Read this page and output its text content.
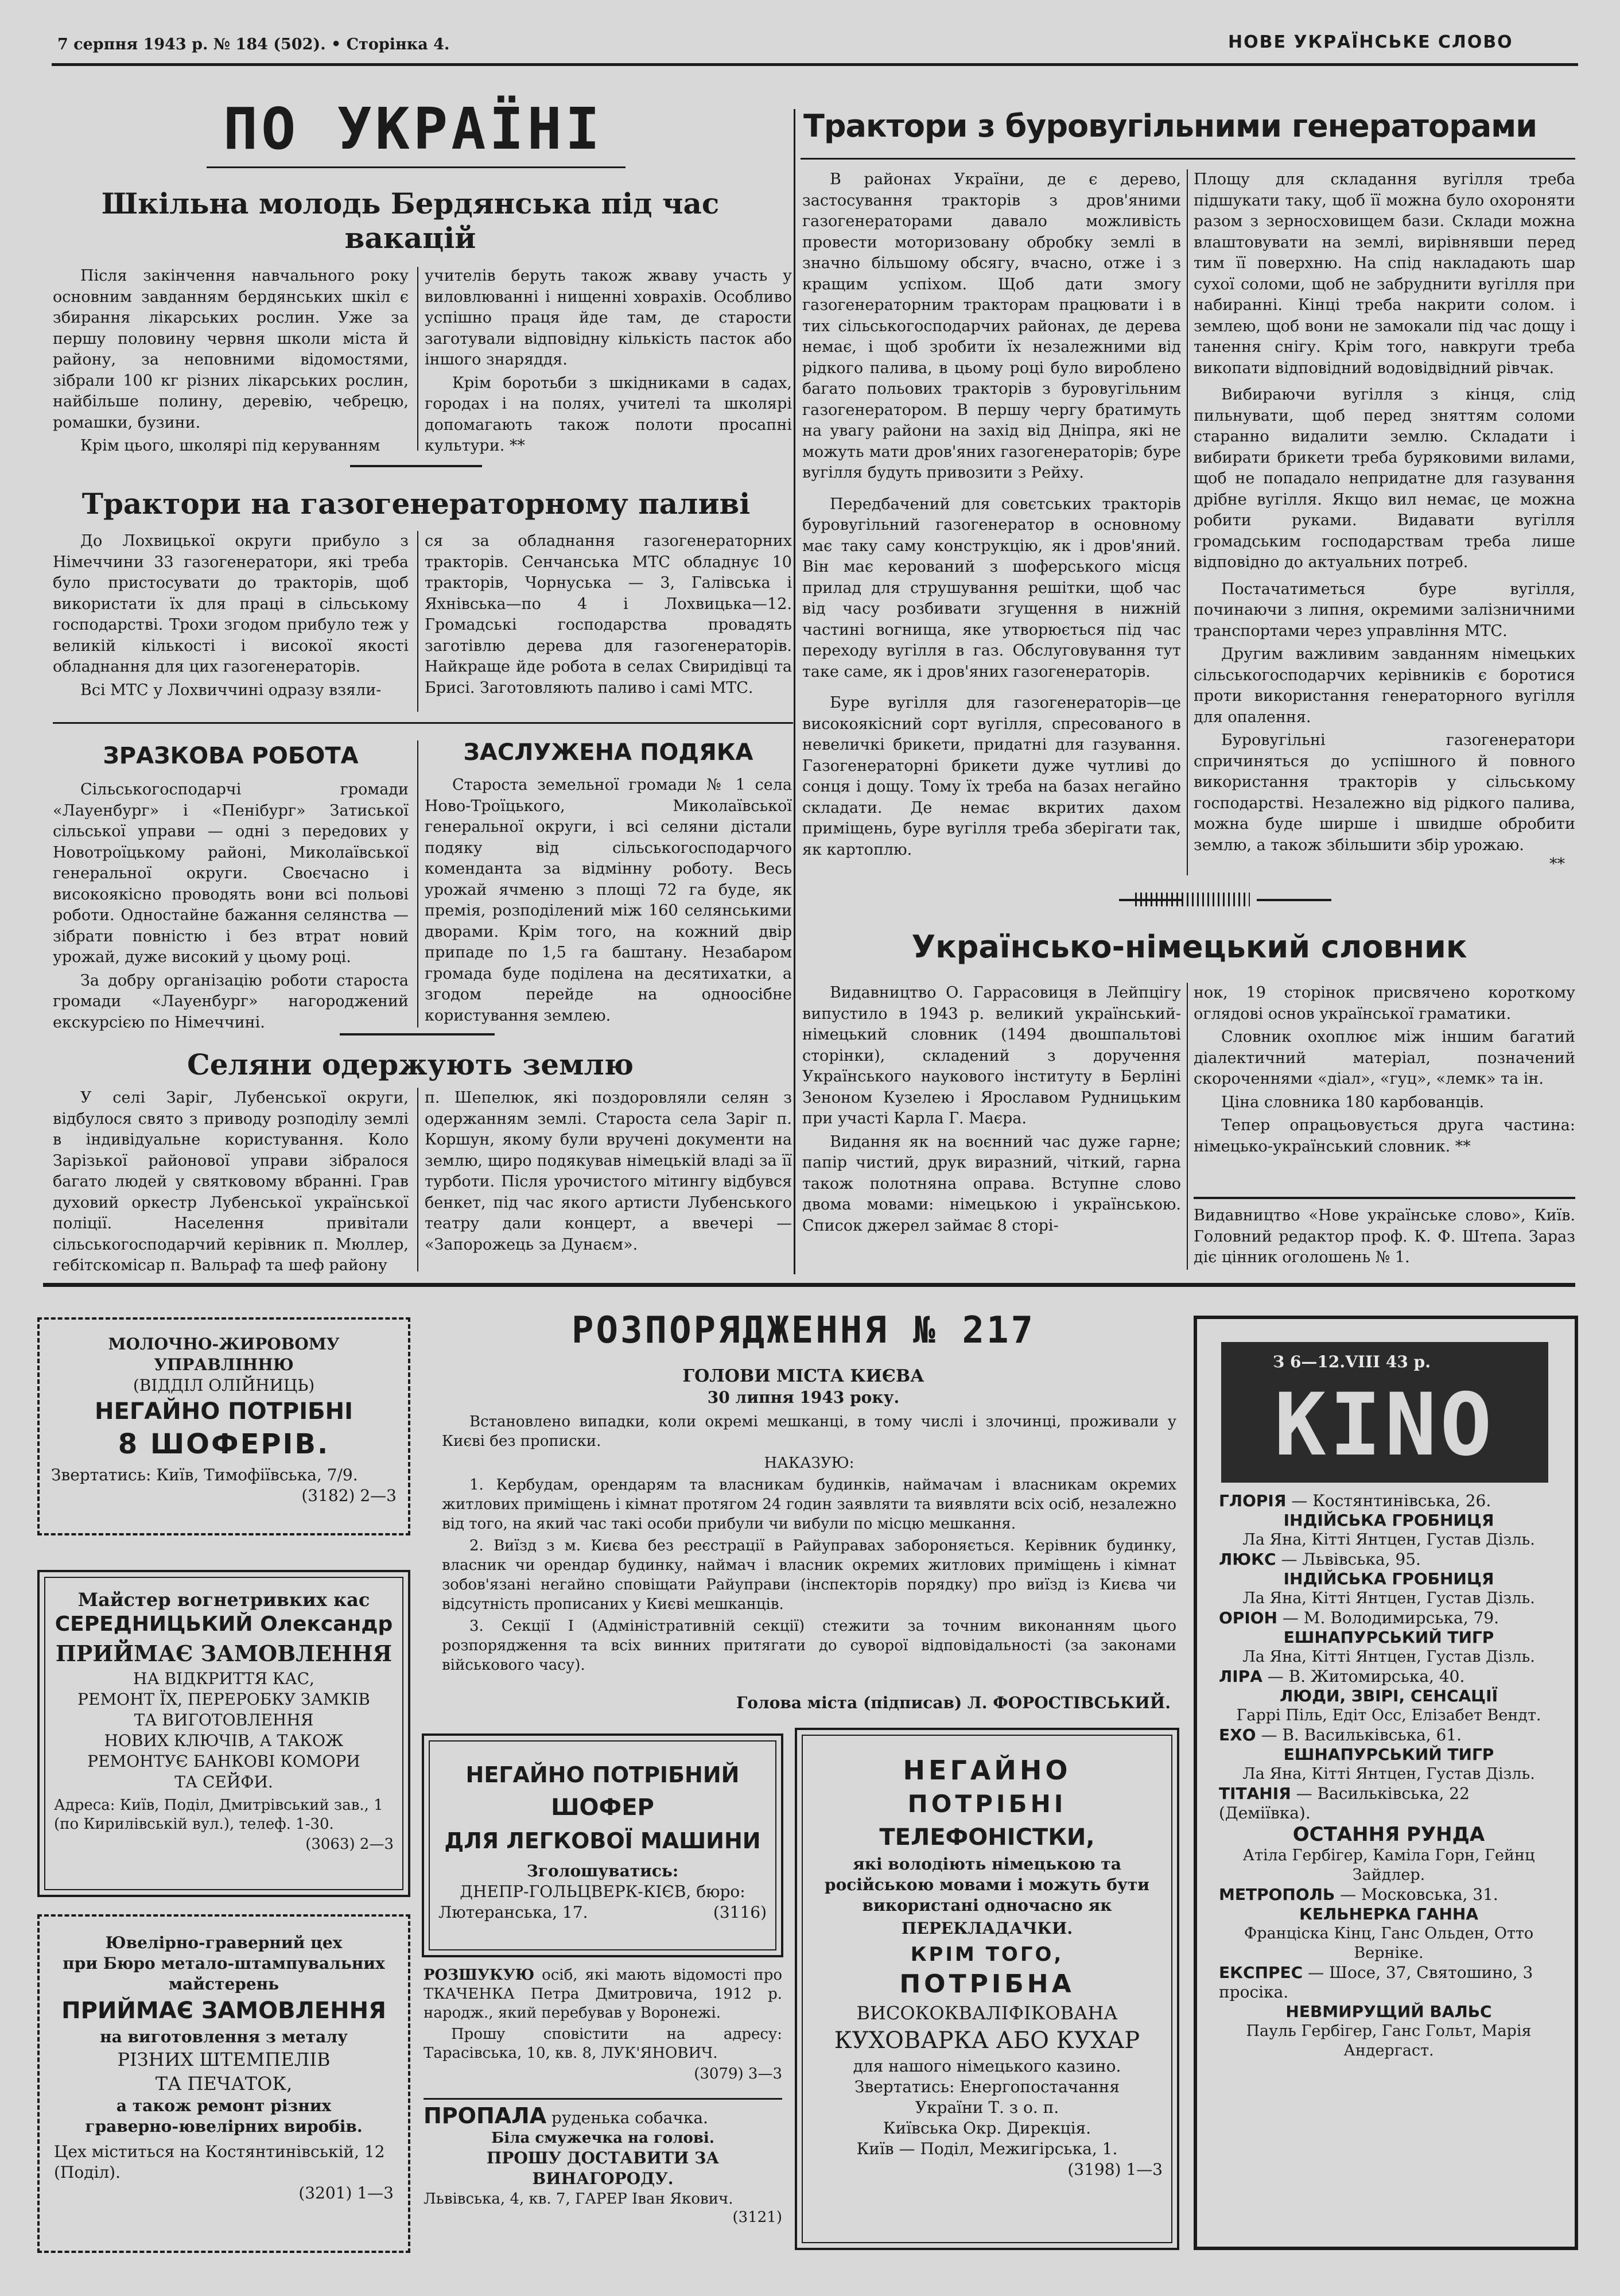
7 серпня 1943 р. № 184 (502). • Сторінка 4.	НОВЕ УКРАЇНСЬКЕ СЛОВО
ПО УКРАЇНІ
Шкільна молодь Бердянська під час вакацій

Після закінчення навчального року основним завданням бердянських шкіл є збирання лікарських рослин. Уже за першу половину червня школи міста й району, за неповними відомостями, зібрали 100 кг різних лікарських рослин, найбільше полину, деревію, чебрецю, ромашки, бузини.

Крім цього, школярі під керуванням

учителів беруть також жваву участь у виловлюванні і нищенні ховрахів. Особливо успішно праця йде там, де старости заготували відповідну кількість пасток або іншого знаряддя.

Крім боротьби з шкідниками в садах, городах і на полях, учителі та школярі допомагають також полоти просапні культури. **

Трактори на газогенераторному паливі

До Лохвицької округи прибуло з Німеччини 33 газогенератори, які треба було пристосувати до тракторів, щоб використати їх для праці в сільському господарстві. Трохи згодом прибуло теж у великій кількості і високої якості обладнання для цих газогенераторів.

Всі МТС у Лохвиччині одразу взяли-

ся за обладнання газогенераторних тракторів. Сенчанська МТС обладнує 10 тракторів, Чорнуська — 3, Галівська і Яхнівська—по 4 і Лохвицька—12. Громадські господарства провадять заготівлю дерева для газогенераторів. Найкраще йде робота в селах Свиридівці та Брисі. Заготовляють паливо і самі МТС.

ЗРАЗКОВА РОБОТА

Сільськогосподарчі громади «Лауенбург» і «Пенібург» Затиської сільської управи — одні з передових у Новотроїцькому районі, Миколаївської генеральної округи. Своєчасно і високоякісно проводять вони всі польові роботи. Одностайне бажання селянства — зібрати повністю і без втрат новий урожай, дуже високий у цьому році.

За добру організацію роботи староста громади «Лауенбург» нагороджений екскурсією по Німеччині.

ЗАСЛУЖЕНА ПОДЯКА

Староста земельної громади № 1 села Ново-Троїцького, Миколаївської генеральної округи, і всі селяни дістали подяку від сільськогосподарчого коменданта за відмінну роботу. Весь урожай ячменю з площі 72 га буде, як премія, розподілений між 160 селянськими дворами. Крім того, на кожний двір припаде по 1,5 га баштану. Незабаром громада буде поділена на десятихатки, а згодом перейде на одноосібне користування землею.

Селяни одержують землю

У селі Заріг, Лубенської округи, відбулося свято з приводу розподілу землі в індивідуальне користування. Коло Зарізької районової управи зібралося багато людей у святковому вбранні. Грав духовий оркестр Лубенської української поліції. Населення привітали сільськогосподарчий керівник п. Мюллер, гебітскомісар п. Вальраф та шеф району

п. Шепелюк, які поздоровляли селян з одержанням землі. Староста села Заріг п. Коршун, якому були вручені документи на землю, щиро подякував німецькій владі за її турботи. Після урочистого мітингу відбувся бенкет, під час якого артисти Лубенського театру дали концерт, а ввечері — «Запорожець за Дунаєм».

Трактори з буровугільними генераторами

В районах України, де є дерево, застосування тракторів з дров'яними газогенераторами давало можливість провести моторизовану обробку землі в значно більшому обсягу, вчасно, отже і з кращим успіхом. Щоб дати змогу газогенераторним тракторам працювати і в тих сільськогосподарчих районах, де дерева немає, і щоб зробити їх незалежними від рідкого палива, в цьому році було вироблено багато польових тракторів з буровугільним газогенератором. В першу чергу братимуть на увагу райони на захід від Дніпра, які не можуть мати дров'яних газогенераторів; буре вугілля будуть привозити з Рейху.

Передбачений для совєтських тракторів буровугільний газогенератор в основному має таку саму конструкцію, як і дров'яний. Він має керований з шоферського місця прилад для струшування решітки, щоб час від часу розбивати згущення в нижній частині вогнища, яке утворюється під час переходу вугілля в газ. Обслуговування тут таке саме, як і дров'яних газогенераторів.

Буре вугілля для газогенераторів—це високоякісний сорт вугілля, спресованого в невеличкі брикети, придатні для газування. Газогенераторні брикети дуже чутливі до сонця і дощу. Тому їх треба на базах негайно складати. Де немає вкритих дахом приміщень, буре вугілля треба зберігати так, як картоплю.

Площу для складання вугілля треба підшукати таку, щоб її можна було охороняти разом з зерносховищем бази. Склади можна влаштовувати на землі, вирівнявши перед тим її поверхню. На спід накладають шар сухої соломи, щоб не забруднити вугілля при набиранні. Кінці треба накрити солом. і землею, щоб вони не замокали під час дощу і танення снігу. Крім того, навкруги треба викопати відповідний водовідвідний рівчак.

Вибираючи вугілля з кінця, слід пильнувати, щоб перед зняттям соломи старанно видалити землю. Складати і вибирати брикети треба буряковими вилами, щоб не попадало непридатне для газування дрібне вугілля. Якщо вил немає, це можна робити руками. Видавати вугілля громадським господарствам треба лише відповідно до актуальних потреб.

Постачатиметься буре вугілля, починаючи з липня, окремими залізничними транспортами через управління МТС.

Другим важливим завданням німецьких сільськогосподарчих керівників є боротися проти використання генераторного вугілля для опалення.

Буровугільні газогенератори спричиняться до успішного й повного використання тракторів у сільському господарстві. Незалежно від рідкого палива, можна буде ширше і швидше обробити землю, а також збільшити збір урожаю.

**
Українсько-німецький словник

Видавництво О. Гаррасовиця в Лейпцігу випустило в 1943 р. великий український-німецький словник (1494 двошпальтові сторінки), складений з доручення Українського наукового інституту в Берліні Зеноном Кузелею і Ярославом Рудницьким при участі Карла Г. Маєра.

Видання як на воєнний час дуже гарне; папір чистий, друк виразний, чіткий, гарна також полотняна оправа. Вступне слово двома мовами: німецькою і українською. Список джерел займає 8 сторі-

нок, 19 сторінок присвячено короткому оглядові основ української граматики.

Словник охоплює між іншим багатий діалектичний матеріал, позначений скороченнями «діал», «гуц», «лемк» та ін.

Ціна словника 180 карбованців.

Тепер опрацьовується друга частина: німецько-український словник. **

Видавництво «Нове українське слово», Київ. Головний редактор проф. К. Ф. Штепа. Зараз діє цінник оголошень № 1.

МОЛОЧНО-ЖИРОВОМУ
УПРАВЛІННЮ
(ВІДДІЛ ОЛІЙНИЦЬ)
НЕГАЙНО ПОТРІБНІ
8 ШОФЕРІВ.
Звертатись: Київ, Тимофіївська, 7/9.
(3182) 2—3
Майстер вогнетривких кас
СЕРЕДНИЦЬКИЙ Олександр
ПРИЙМАЄ ЗАМОВЛЕННЯ
НА ВІДКРИТТЯ КАС,
РЕМОНТ ЇХ, ПЕРЕРОБКУ ЗАМКІВ
ТА ВИГОТОВЛЕННЯ
НОВИХ КЛЮЧІВ, А ТАКОЖ
РЕМОНТУЄ БАНКОВІ КОМОРИ
ТА СЕЙФИ.
Адреса: Київ, Поділ, Дмитрівський зав., 1 (по Кирилівській вул.), телеф. 1-30.
(3063) 2—3
Ювелірно-граверний цех
при Бюро метало-штампувальних
майстерень
ПРИЙМАЄ ЗАМОВЛЕННЯ
на виготовлення з металу
РІЗНИХ ШТЕМПЕЛІВ
ТА ПЕЧАТОК,
а також ремонт різних
граверно-ювелірних виробів.
Цех міститься на Костянтинівській, 12 (Поділ).
(3201) 1—3
РОЗПОРЯДЖЕННЯ № 217
ГОЛОВИ МІСТА КИЄВА
30 липня 1943 року.

Встановлено випадки, коли окремі мешканці, в тому числі і злочинці, проживали у Києві без прописки.

НАКАЗУЮ:

1. Кербудам, орендарям та власникам будинків, наймачам і власникам окремих житлових приміщень і кімнат протягом 24 годин заявляти та виявляти всіх осіб, незалежно від того, на який час такі особи прибули чи вибули по місцю мешкання.

2. Виїзд з м. Києва без реєстрації в Райуправах забороняється. Керівник будинку, власник чи орендар будинку, наймач і власник окремих житлових приміщень і кімнат зобов'язані негайно сповіщати Райуправи (інспекторів порядку) про виїзд із Києва чи відсутність прописаних у Києві мешканців.

3. Секції І (Адміністративній секції) стежити за точним виконанням цього розпорядження та всіх винних притягати до суворої відповідальності (за законами військового часу).

Голова міста (підписав) Л. ФОРОСТІВСЬКИЙ.
НЕГАЙНО ПОТРІБНИЙ
ШОФЕР
ДЛЯ ЛЕГКОВОЇ МАШИНИ
Зголошуватись:
ДНЕПР-ГОЛЬЦВЕРК-КІЄВ, бюро:
Лютеранська, 17.	(3116)

РОЗШУКУЮ осіб, які мають відомості про ТКАЧЕНКА Петра Дмитровича, 1912 р. народж., який перебував у Воронежі.

Прошу сповістити на адресу: Тарасівська, 10, кв. 8, ЛУК'ЯНОВИЧ.

(3079) 3—3
ПРОПАЛА руденька собачка.
Біла смужечка на голові.
ПРОШУ ДОСТАВИТИ ЗА ВИНАГОРОДУ.
Львівська, 4, кв. 7, ГАРЕР Іван Якович.
(3121)
НЕГАЙНО
ПОТРІБНІ
ТЕЛЕФОНІСТКИ,
які володіють німецькою та
російською мовами і можуть бути
використані одночасно як
ПЕРЕКЛАДАЧКИ.
КРІМ ТОГО,
ПОТРІБНА
ВИСОКОКВАЛІФІКОВАНА
КУХОВАРКА АБО КУХАР
для нашого німецького казино.
Звертатись: Енергопостачання
України Т. з о. п.
Київська Окр. Дирекція.
Київ — Поділ, Межигірська, 1.
(3198) 1—3
З 6—12.VIII 43 р.
KINO
ГЛОРІЯ — Костянтинівська, 26.
ІНДІЙСЬКА ГРОБНИЦЯ
Ла Яна, Кітті Янтцен, Густав Дізль.
ЛЮКС — Львівська, 95.
ІНДІЙСЬКА ГРОБНИЦЯ
Ла Яна, Кітті Янтцен, Густав Дізль.
ОРІОН — М. Володимирська, 79.
ЕШНАПУРСЬКИЙ ТИГР
Ла Яна, Кітті Янтцен, Густав Дізль.
ЛІРА — В. Житомирська, 40.
ЛЮДИ, ЗВІРІ, СЕНСАЦІЇ
Гаррі Піль, Едіт Осс, Елізабет Вендт.
ЕХО — В. Васильківська, 61.
ЕШНАПУРСЬКИЙ ТИГР
Ла Яна, Кітті Янтцен, Густав Дізль.
ТІТАНІЯ — Васильківська, 22 (Деміївка).
ОСТАННЯ РУНДА
Атіла Гербігер, Каміла Горн, Гейнц Зайдлер.
МЕТРОПОЛЬ — Московська, 31.
КЕЛЬНЕРКА ГАННА
Франціска Кінц, Ганс Ольден, Отто Верніке.
ЕКСПРЕС — Шосе, 37, Святошино, 3 просіка.
НЕВМИРУЩИЙ ВАЛЬС
Пауль Гербігер, Ганс Гольт, Марія Андергаст.
